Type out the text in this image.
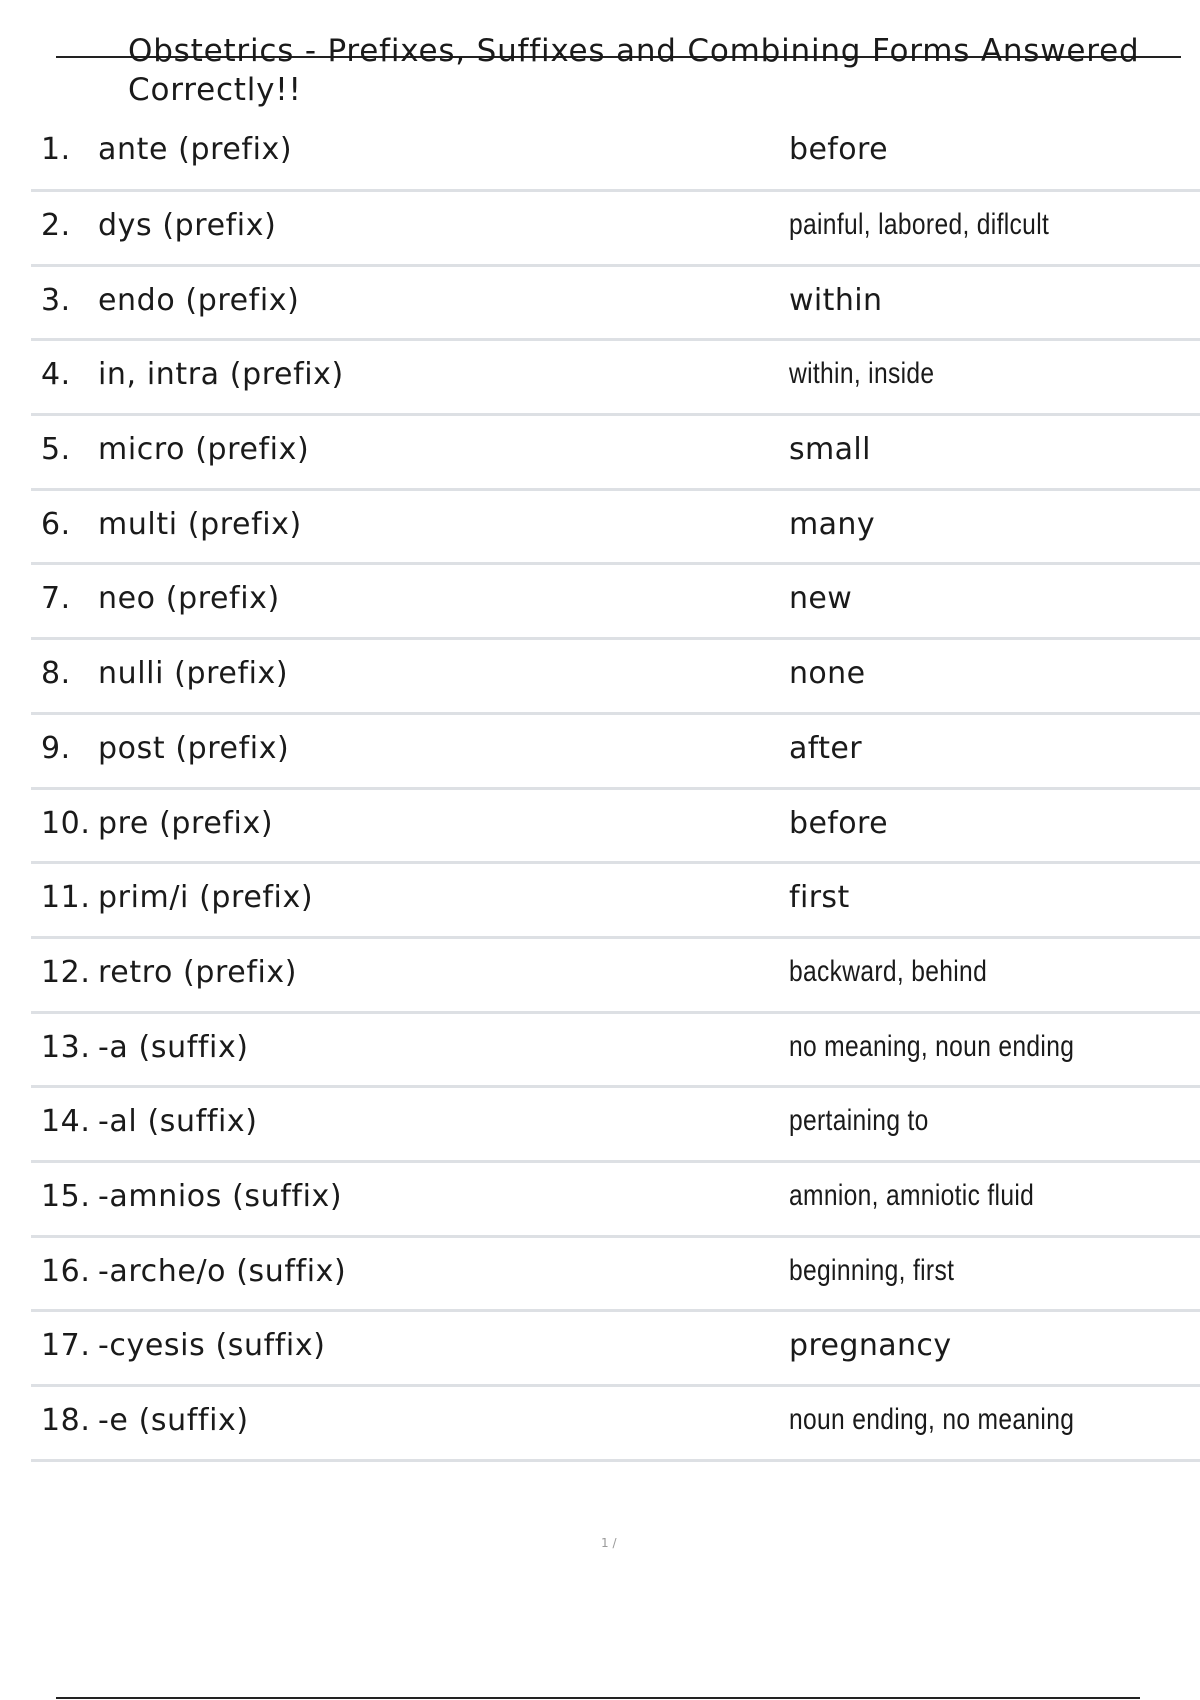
Obstetrics - Prefixes, Suffixes and Combining Forms Answered Correctly!!
1. ante (prefix)	before
2. dys (prefix)	painful, labored, diflcult
3. endo (prefix)	within
4. in, intra (prefix)	within, inside
5. micro (prefix)	small
6. multi (prefix)	many
7. neo (prefix)	new
8. nulli (prefix)	none
9. post (prefix)	after
10. pre (prefix)	before
11. prim/i (prefix)	first
12. retro (prefix)	backward, behind
13. -a (suffix)	no meaning, noun ending
14. -al (suffix)	pertaining to
15. -amnios (suffix)	amnion, amniotic fluid
16. -arche/o (suffix)	beginning, first
17. -cyesis (suffix)	pregnancy
18. -e (suffix)	noun ending, no meaning
1 /
